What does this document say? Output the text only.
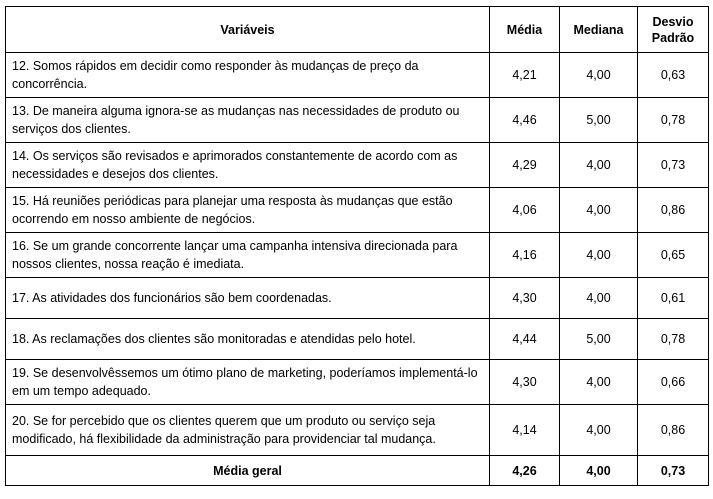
Variáveis	Média	Mediana	Desvio
Padrão
12. Somos rápidos em decidir como responder às mudanças de preço da concorrência.	4,21	4,00	0,63
13. De maneira alguma ignora-se as mudanças nas necessidades de produto ou serviços dos clientes.	4,46	5,00	0,78
14. Os serviços são revisados e aprimorados constantemente de acordo com as necessidades e desejos dos clientes.	4,29	4,00	0,73
15. Há reuniões periódicas para planejar uma resposta às mudanças que estão ocorrendo em nosso ambiente de negócios.	4,06	4,00	0,86
16. Se um grande concorrente lançar uma campanha intensiva direcionada para nossos clientes, nossa reação é imediata.	4,16	4,00	0,65
17. As atividades dos funcionários são bem coordenadas.	4,30	4,00	0,61
18. As reclamações dos clientes são monitoradas e atendidas pelo hotel.	4,44	5,00	0,78
19. Se desenvolvêssemos um ótimo plano de marketing, poderíamos implementá-lo em um tempo adequado.	4,30	4,00	0,66
20. Se for percebido que os clientes querem que um produto ou serviço seja modificado, há flexibilidade da administração para providenciar tal mudança.	4,14	4,00	0,86
Média geral	4,26	4,00	0,73
